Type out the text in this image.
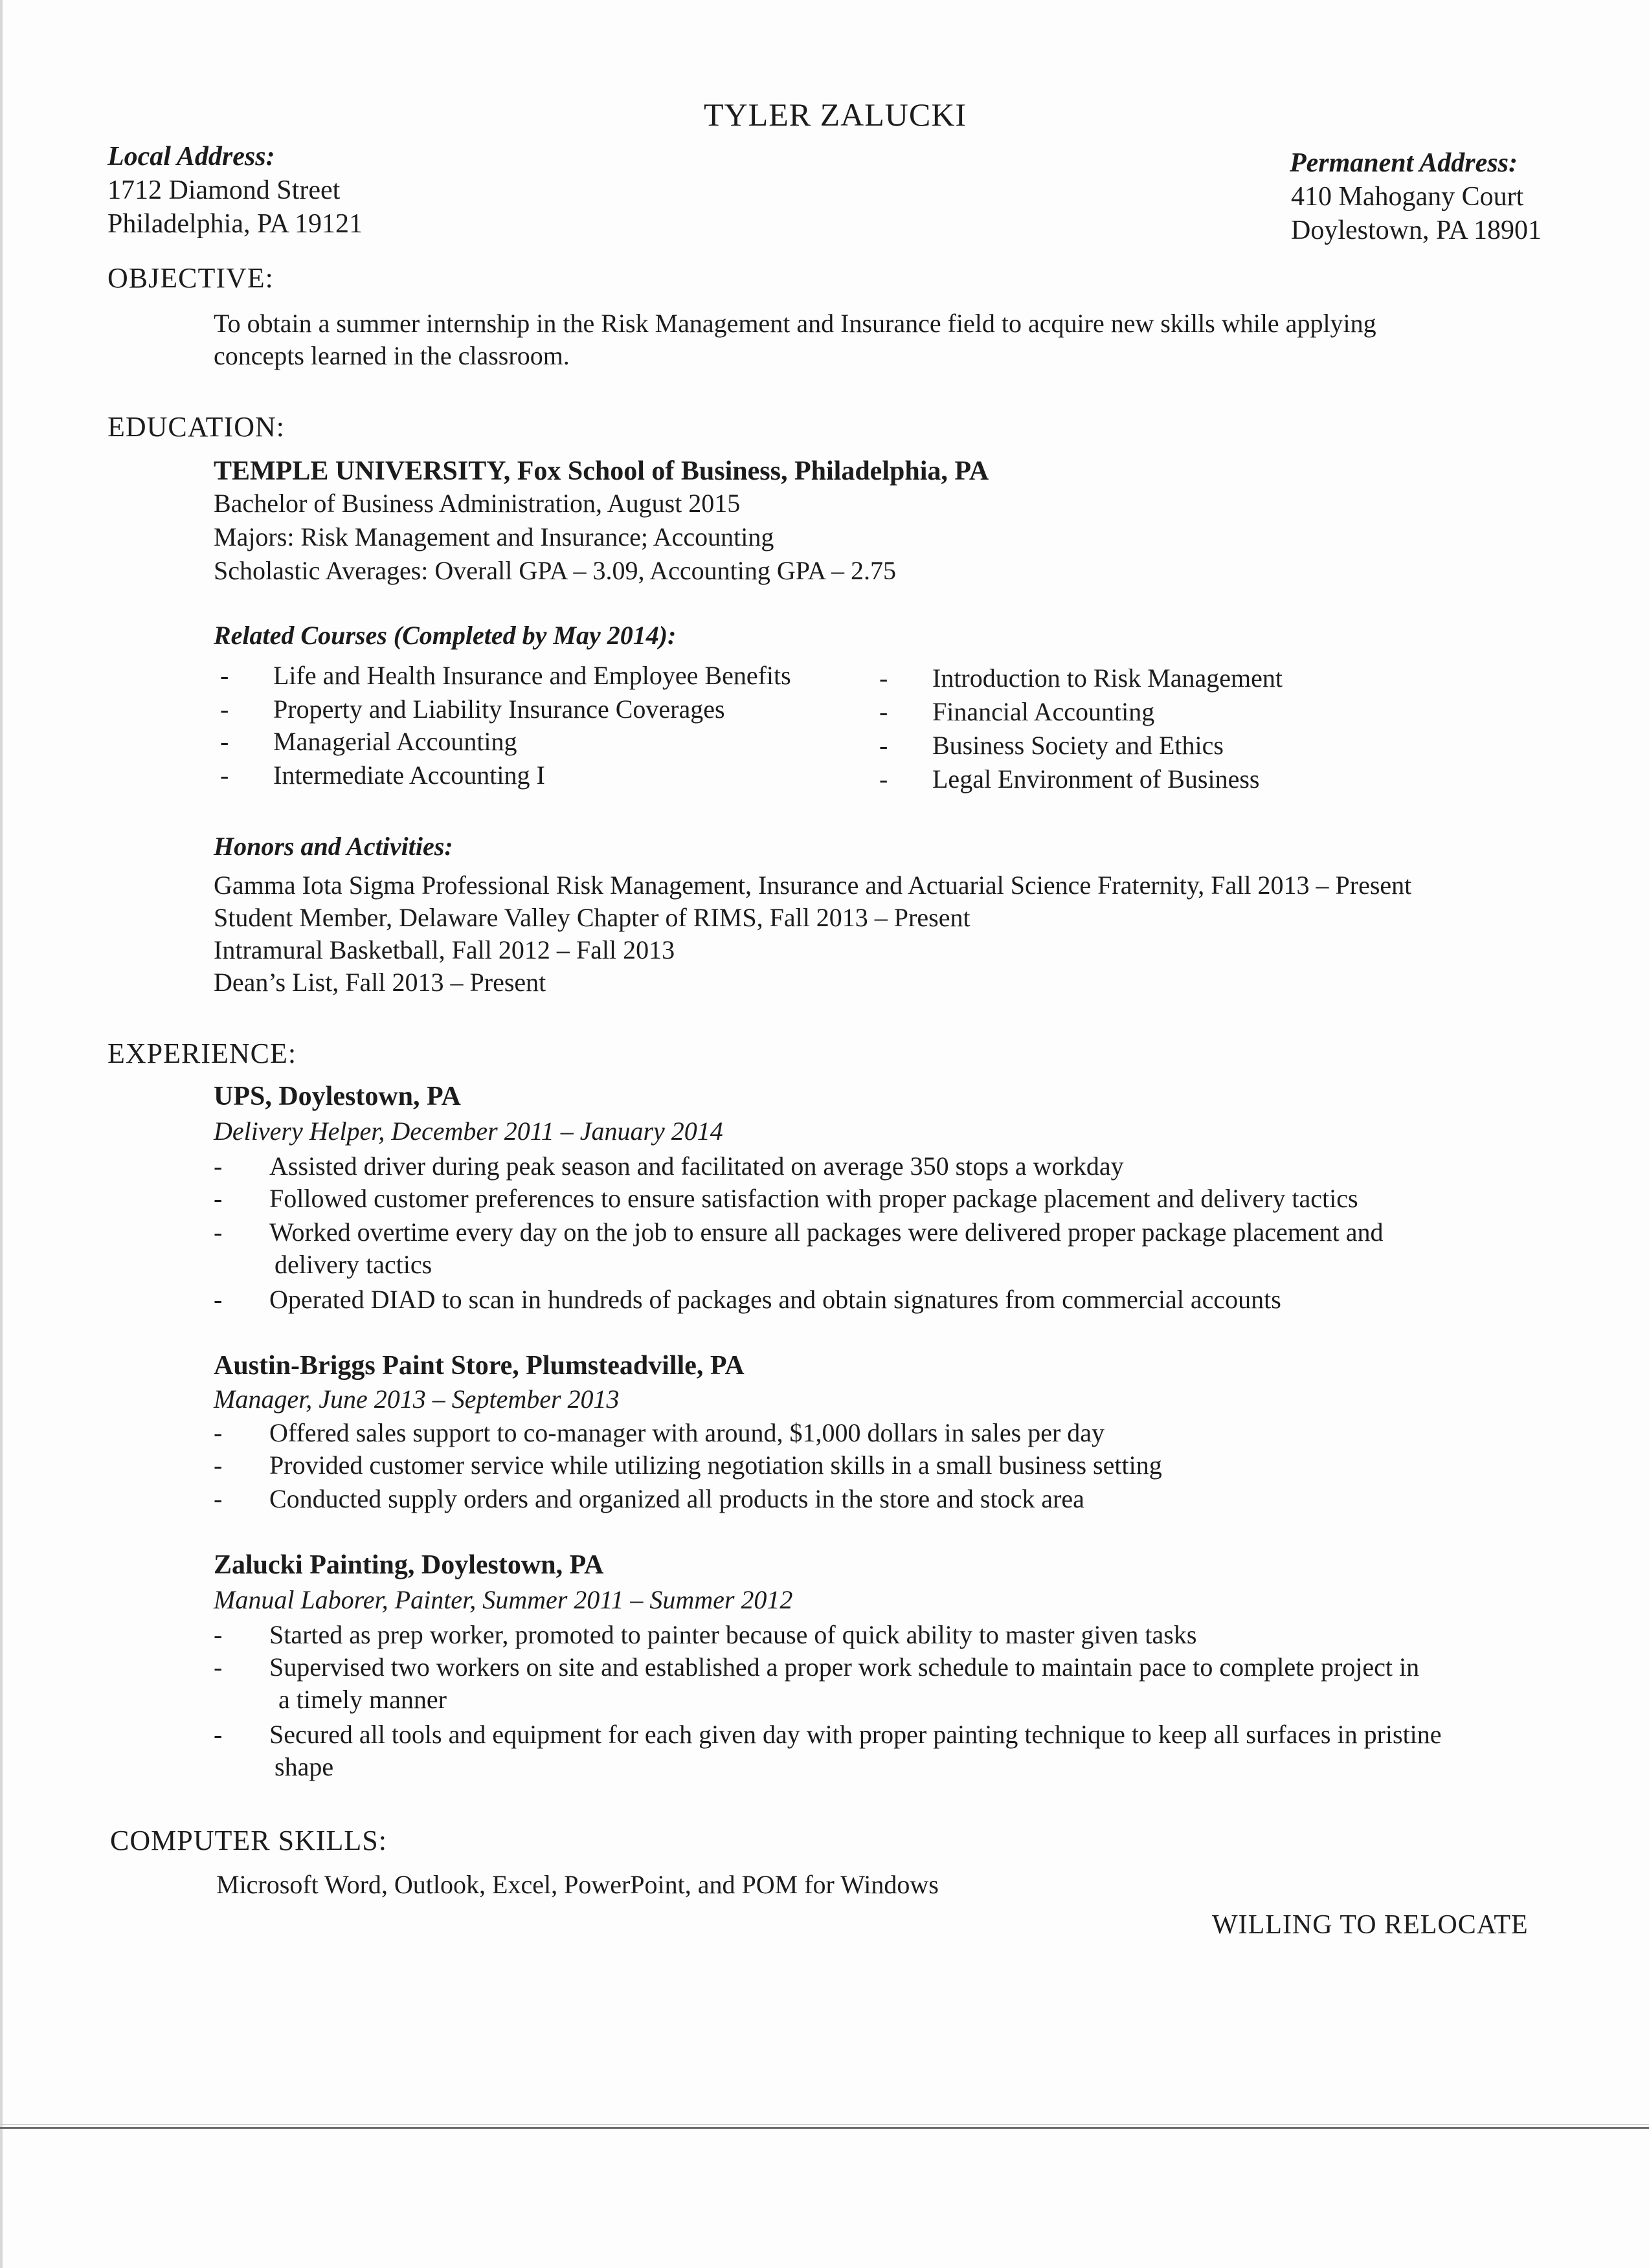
TYLER ZALUCKI
Local Address:
1712 Diamond Street
Philadelphia, PA 19121
Permanent Address:
410 Mahogany Court
Doylestown, PA 18901
OBJECTIVE:
To obtain a summer internship in the Risk Management and Insurance field to acquire new skills while applying
concepts learned in the classroom.
EDUCATION:
TEMPLE UNIVERSITY, Fox School of Business, Philadelphia, PA
Bachelor of Business Administration, August 2015
Majors: Risk Management and Insurance; Accounting
Scholastic Averages: Overall GPA – 3.09, Accounting GPA – 2.75
Related Courses (Completed by May 2014):
- Life and Health Insurance and Employee Benefits
- Property and Liability Insurance Coverages
- Managerial Accounting
- Intermediate Accounting I
- Introduction to Risk Management
- Financial Accounting
- Business Society and Ethics
- Legal Environment of Business
Honors and Activities:
Gamma Iota Sigma Professional Risk Management, Insurance and Actuarial Science Fraternity, Fall 2013 – Present
Student Member, Delaware Valley Chapter of RIMS, Fall 2013 – Present
Intramural Basketball, Fall 2012 – Fall 2013
Dean’s List, Fall 2013 – Present
EXPERIENCE:
UPS, Doylestown, PA
Delivery Helper, December 2011 – January 2014
- Assisted driver during peak season and facilitated on average 350 stops a workday
- Followed customer preferences to ensure satisfaction with proper package placement and delivery tactics
- Worked overtime every day on the job to ensure all packages were delivered proper package placement and
delivery tactics
- Operated DIAD to scan in hundreds of packages and obtain signatures from commercial accounts
Austin-Briggs Paint Store, Plumsteadville, PA
Manager, June 2013 – September 2013
- Offered sales support to co-manager with around, $1,000 dollars in sales per day
- Provided customer service while utilizing negotiation skills in a small business setting
- Conducted supply orders and organized all products in the store and stock area
Zalucki Painting, Doylestown, PA
Manual Laborer, Painter, Summer 2011 – Summer 2012
- Started as prep worker, promoted to painter because of quick ability to master given tasks
- Supervised two workers on site and established a proper work schedule to maintain pace to complete project in
a timely manner
- Secured all tools and equipment for each given day with proper painting technique to keep all surfaces in pristine
shape
COMPUTER SKILLS:
Microsoft Word, Outlook, Excel, PowerPoint, and POM for Windows
WILLING TO RELOCATE
